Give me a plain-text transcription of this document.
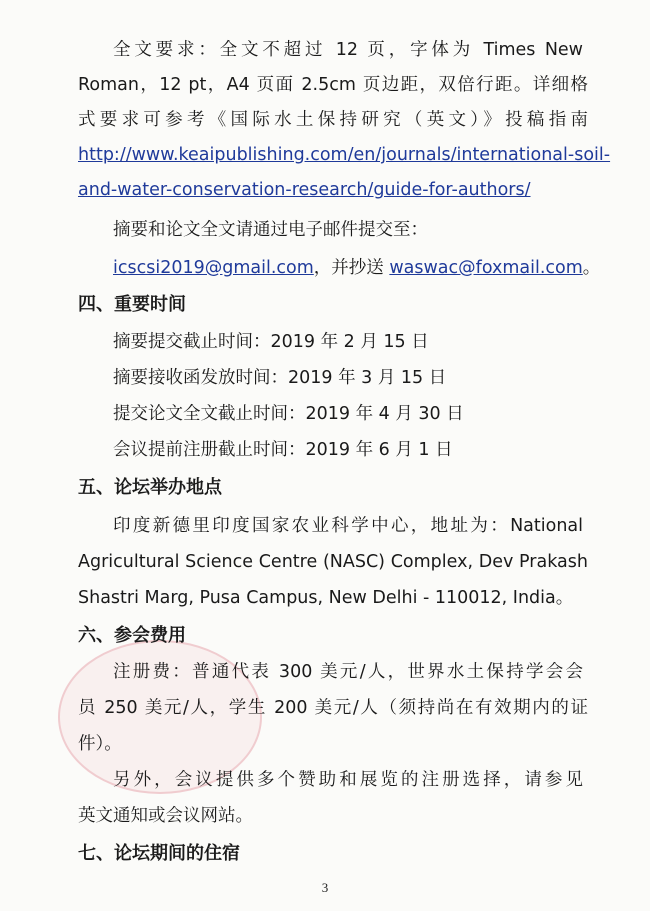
全文要求：全文不超过 12 页，字体为 Times New
Roman，12 pt，A4 页面 2.5cm 页边距，双倍行距。详细格
式要求可参考《国际水土保持研究（英文）》投稿指南
http://www.keaipublishing.com/en/journals/international-soil-
and-water-conservation-research/guide-for-authors/
摘要和论文全文请通过电子邮件提交至：
icscsi2019@gmail.com，并抄送 waswac@foxmail.com。
四、重要时间
摘要提交截止时间：2019 年 2 月 15 日
摘要接收函发放时间：2019 年 3 月 15 日
提交论文全文截止时间：2019 年 4 月 30 日
会议提前注册截止时间：2019 年 6 月 1 日
五、论坛举办地点
印度新德里印度国家农业科学中心，地址为：National
Agricultural Science Centre (NASC) Complex, Dev Prakash
Shastri Marg, Pusa Campus, New Delhi - 110012, India。
六、参会费用
注册费：普通代表 300 美元/人，世界水土保持学会会
员 250 美元/人，学生 200 美元/人（须持尚在有效期内的证
件）。
另外，会议提供多个赞助和展览的注册选择，请参见
英文通知或会议网站。
七、论坛期间的住宿
3
